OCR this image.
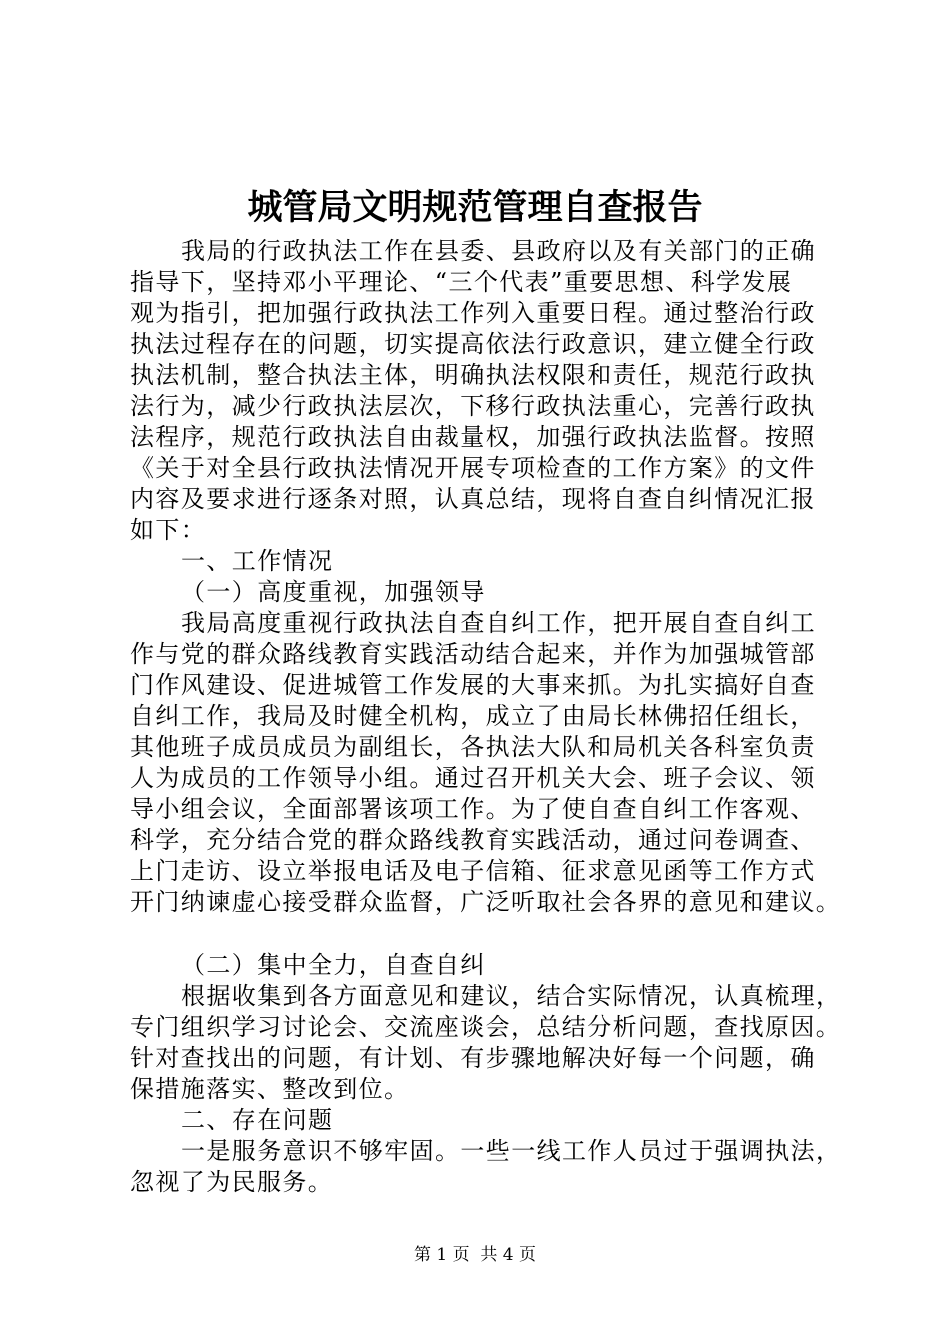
城管局文明规范管理自查报告
我局的行政执法工作在县委、县政府以及有关部门的正确
指导下，坚持邓小平理论、“三个代表”重要思想、科学发展
观为指引，把加强行政执法工作列入重要日程。通过整治行政
执法过程存在的问题，切实提高依法行政意识，建立健全行政
执法机制，整合执法主体，明确执法权限和责任，规范行政执
法行为，减少行政执法层次，下移行政执法重心，完善行政执
法程序，规范行政执法自由裁量权，加强行政执法监督。按照
《关于对全县行政执法情况开展专项检查的工作方案》的文件
内容及要求进行逐条对照，认真总结，现将自查自纠情况汇报
如下：
一、工作情况
（一）高度重视，加强领导
我局高度重视行政执法自查自纠工作，把开展自查自纠工
作与党的群众路线教育实践活动结合起来，并作为加强城管部
门作风建设、促进城管工作发展的大事来抓。为扎实搞好自查
自纠工作，我局及时健全机构，成立了由局长林佛招任组长，
其他班子成员成员为副组长，各执法大队和局机关各科室负责
人为成员的工作领导小组。通过召开机关大会、班子会议、领
导小组会议，全面部署该项工作。为了使自查自纠工作客观、
科学，充分结合党的群众路线教育实践活动，通过问卷调查、
上门走访、设立举报电话及电子信箱、征求意见函等工作方式
开门纳谏虚心接受群众监督，广泛听取社会各界的意见和建议。
（二）集中全力，自查自纠
根据收集到各方面意见和建议，结合实际情况，认真梳理，
专门组织学习讨论会、交流座谈会，总结分析问题，查找原因。
针对查找出的问题，有计划、有步骤地解决好每一个问题，确
保措施落实、整改到位。
二、存在问题
一是服务意识不够牢固。一些一线工作人员过于强调执法，
忽视了为民服务。
第 1 页  共 4 页
